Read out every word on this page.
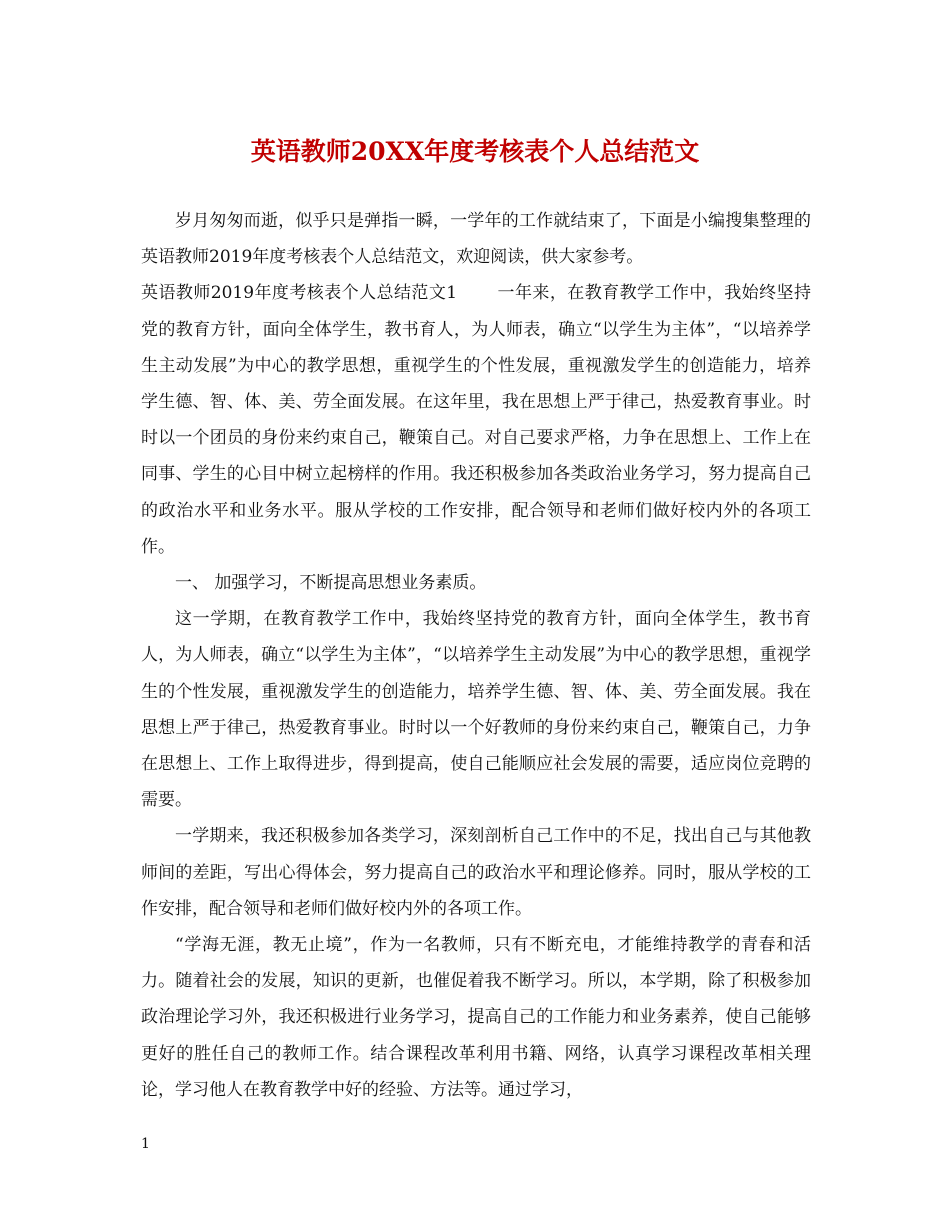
英语教师20XX年度考核表个人总结范文

岁月匆匆而逝，似乎只是弹指一瞬，一学年的工作就结束了，下面是小编搜集整理的英语教师2019年度考核表个人总结范文，欢迎阅读，供大家参考。

英语教师2019年度考核表个人总结范文1 一年来，在教育教学工作中，我始终坚持党的教育方针，面向全体学生，教书育人，为人师表，确立“以学生为主体”，“以培养学生主动发展”为中心的教学思想，重视学生的个性发展，重视激发学生的创造能力，培养学生德、智、体、美、劳全面发展。在这年里，我在思想上严于律己，热爱教育事业。时时以一个团员的身份来约束自己，鞭策自己。对自己要求严格，力争在思想上、工作上在同事、学生的心目中树立起榜样的作用。我还积极参加各类政治业务学习，努力提高自己的政治水平和业务水平。服从学校的工作安排，配合领导和老师们做好校内外的各项工作。

一、 加强学习，不断提高思想业务素质。

这一学期，在教育教学工作中，我始终坚持党的教育方针，面向全体学生，教书育人，为人师表，确立“以学生为主体”，“以培养学生主动发展”为中心的教学思想，重视学生的个性发展，重视激发学生的创造能力，培养学生德、智、体、美、劳全面发展。我在思想上严于律己，热爱教育事业。时时以一个好教师的身份来约束自己，鞭策自己，力争在思想上、工作上取得进步，得到提高，使自己能顺应社会发展的需要，适应岗位竞聘的需要。

一学期来，我还积极参加各类学习，深刻剖析自己工作中的不足，找出自己与其他教师间的差距，写出心得体会，努力提高自己的政治水平和理论修养。同时，服从学校的工作安排，配合领导和老师们做好校内外的各项工作。

“学海无涯，教无止境”，作为一名教师，只有不断充电，才能维持教学的青春和活力。随着社会的发展，知识的更新，也催促着我不断学习。所以，本学期，除了积极参加政治理论学习外，我还积极进行业务学习，提高自己的工作能力和业务素养，使自己能够更好的胜任自己的教师工作。结合课程改革利用书籍、网络，认真学习课程改革相关理论，学习他人在教育教学中好的经验、方法等。通过学习，

1
